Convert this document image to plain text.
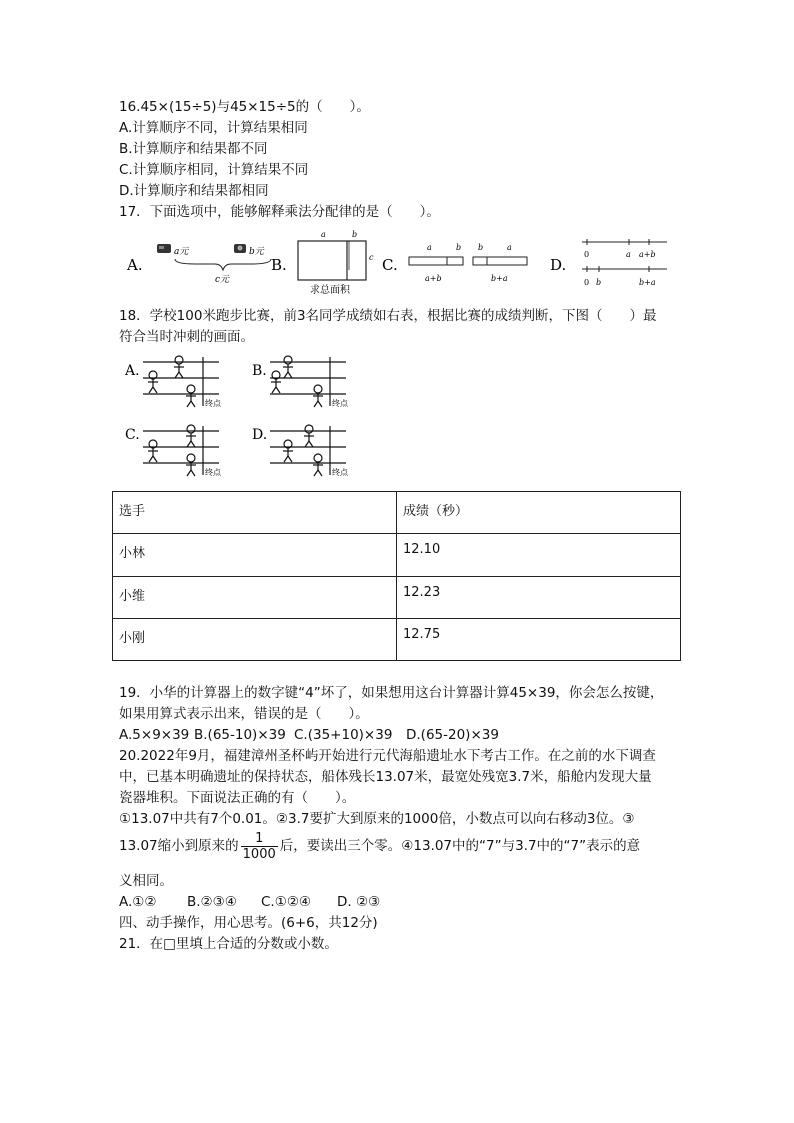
16.45×(15÷5)与45×15÷5的（　　）。
A.计算顺序不同，计算结果相同
B.计算顺序和结果都不同
C.计算顺序相同，计算结果不同
D.计算顺序和结果都相同
17．下面选项中，能够解释乘法分配律的是（　　）。
A.
a元	b元
c元
B.
a	b
c
求总面积
C.
a	b
a+b
b	a
b+a
D.
0	a a+b
0 b	b+a
18．学校100米跑步比赛，前3名同学成绩如右表，根据比赛的成绩判断，下图（　　）最
符合当时冲刺的画面。
A.
终点
B.
终点
C.
终点
D.
终点
选手	成绩（秒）
小林	12.10
小维	12.23
小刚	12.75
19．小华的计算器上的数字键“4”坏了，如果想用这台计算器计算45×39，你会怎么按键，
如果用算式表示出来，错误的是（　　）。
A.5×9×39 B.(65-10)×39 C.(35+10)×39 D.(65-20)×39
20.2022年9月，福建漳州圣杯屿开始进行元代海船遗址水下考古工作。在之前的水下调查
中，已基本明确遗址的保持状态，船体残长13.07米，最宽处残宽3.7米，船舱内发现大量
瓷器堆积。下面说法正确的有（　　）。
①13.07中共有7个0.01。②3.7要扩大到原来的1000倍，小数点可以向右移动3位。③
13.07缩小到原来的 $\frac{1}{1000}$ 后，要读出三个零。④13.07中的“7”与3.7中的“7”表示的意
义相同。
A.①② B.②③④ C.①②④ D. ②③
四、动手操作，用心思考。(6+6，共12分)
21．在□里填上合适的分数或小数。
